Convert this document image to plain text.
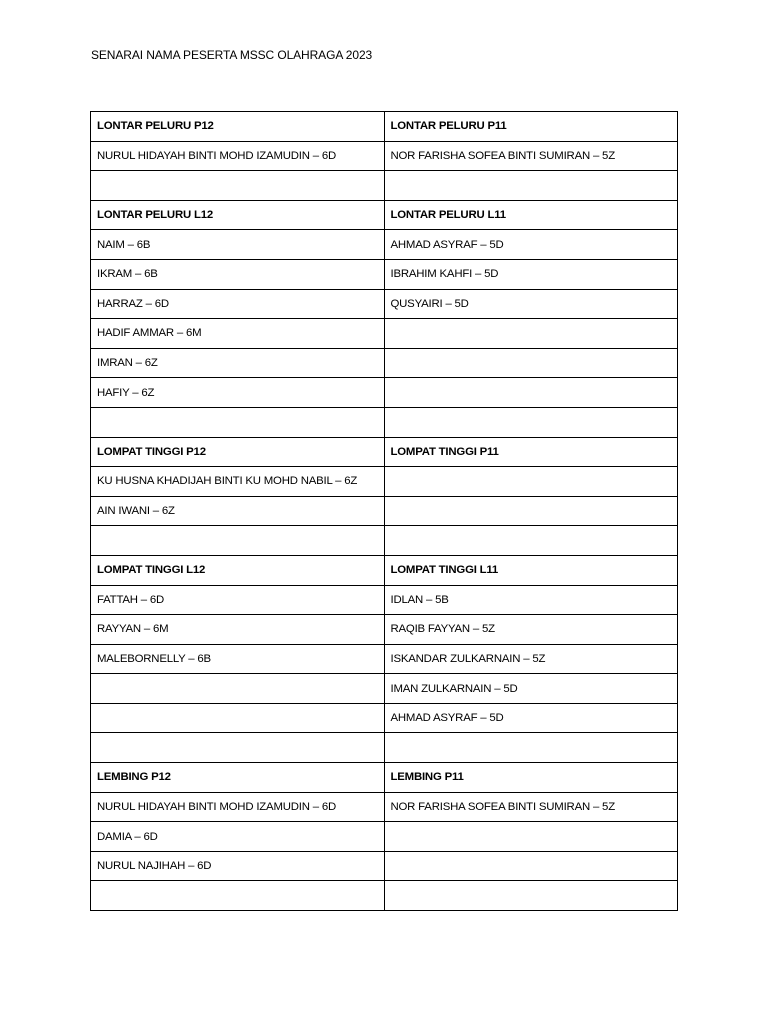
SENARAI NAMA PESERTA MSSC OLAHRAGA 2023
LONTAR PELURU P12	LONTAR PELURU P11
NURUL HIDAYAH BINTI MOHD IZAMUDIN – 6D	NOR FARISHA SOFEA BINTI SUMIRAN – 5Z

LONTAR PELURU L12	LONTAR PELURU L11
NAIM – 6B	AHMAD ASYRAF – 5D
IKRAM – 6B	IBRAHIM KAHFI – 5D
HARRAZ – 6D	QUSYAIRI – 5D
HADIF AMMAR – 6M	
IMRAN – 6Z	
HAFIY – 6Z	

LOMPAT TINGGI P12	LOMPAT TINGGI P11
KU HUSNA KHADIJAH BINTI KU MOHD NABIL – 6Z	
AIN IWANI – 6Z	

LOMPAT TINGGI L12	LOMPAT TINGGI L11
FATTAH – 6D	IDLAN – 5B
RAYYAN – 6M	RAQIB FAYYAN – 5Z
MALEBORNELLY – 6B	ISKANDAR ZULKARNAIN – 5Z
	IMAN ZULKARNAIN – 5D
	AHMAD ASYRAF – 5D

LEMBING P12	LEMBING P11
NURUL HIDAYAH BINTI MOHD IZAMUDIN – 6D	NOR FARISHA SOFEA BINTI SUMIRAN – 5Z
DAMIA – 6D	
NURUL NAJIHAH – 6D	
